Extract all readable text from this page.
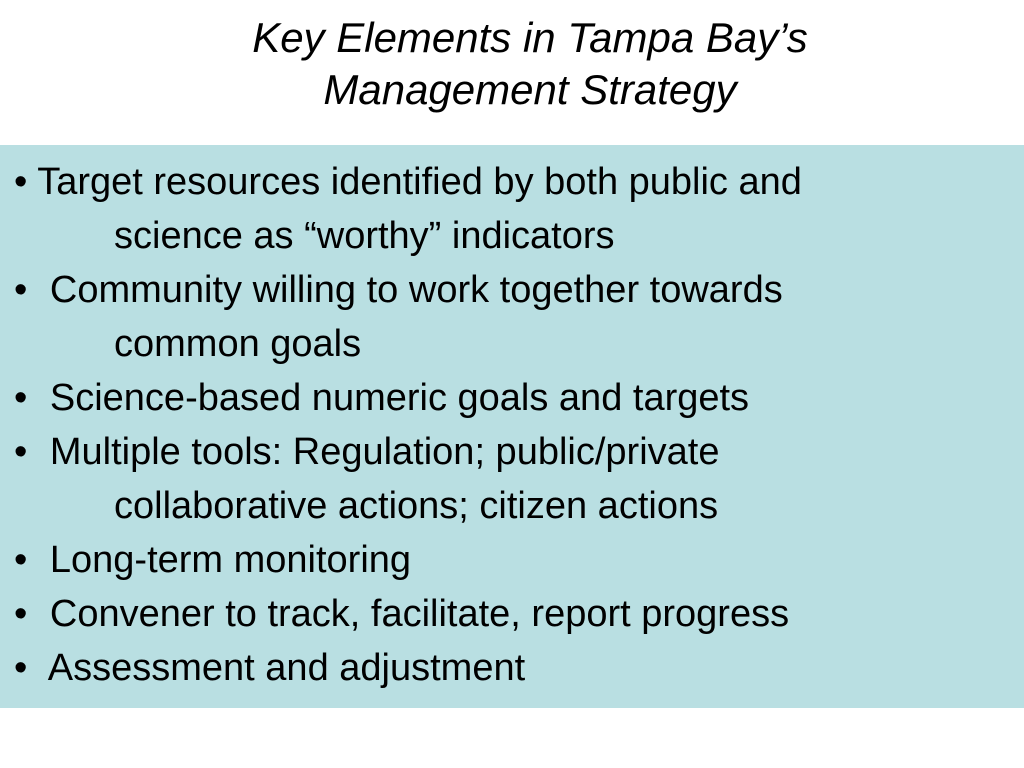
Key Elements in Tampa Bay’s
Management Strategy
• Target resources identified by both public and
science as “worthy” indicators
• Community willing to work together towards
common goals
• Science-based numeric goals and targets
• Multiple tools: Regulation; public/private
collaborative actions; citizen actions
• Long-term monitoring
• Convener to track, facilitate, report progress
• Assessment and adjustment
